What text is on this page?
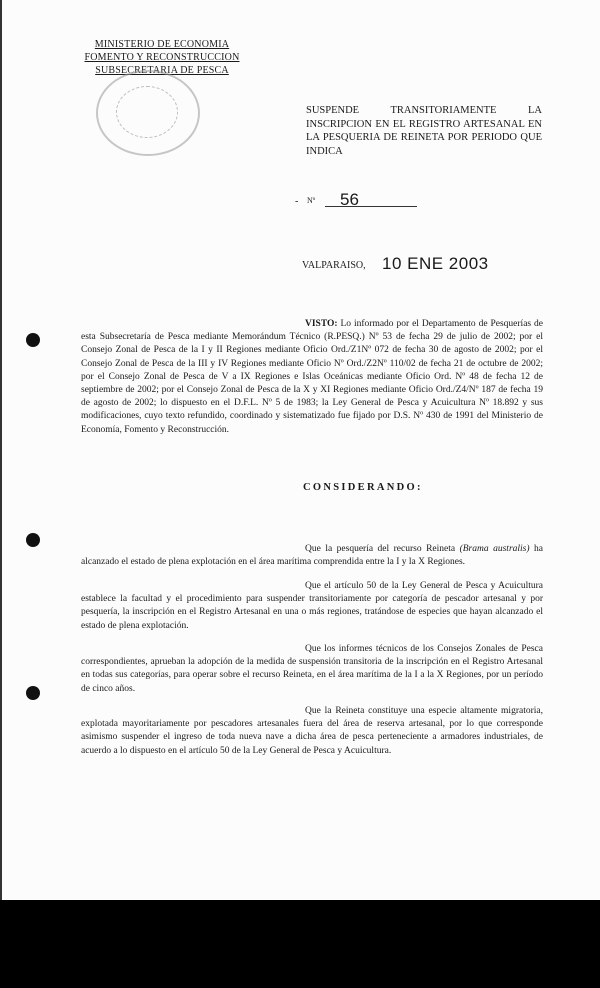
MINISTERIO DE ECONOMIA
FOMENTO Y RECONSTRUCCION
SUBSECRETARIA DE PESCA
SUSPENDE TRANSITORIAMENTE LA INSCRIPCION EN EL REGISTRO ARTESANAL EN LA PESQUERIA DE REINETA POR PERIODO QUE INDICA
- Nº 56
VALPARAISO, 10 ENE 2003
VISTO: Lo informado por el Departamento de Pesquerías de esta Subsecretaría de Pesca mediante Memorándum Técnico (R.PESQ.) Nº 53 de fecha 29 de julio de 2002; por el Consejo Zonal de Pesca de la I y II Regiones mediante Oficio Ord./Z1Nº 072 de fecha 30 de agosto de 2002; por el Consejo Zonal de Pesca de la III y IV Regiones mediante Oficio Nº Ord./Z2Nº 110/02 de fecha 21 de octubre de 2002; por el Consejo Zonal de Pesca de V a IX Regiones e Islas Oceánicas mediante Oficio Ord. Nº 48 de fecha 12 de septiembre de 2002; por el Consejo Zonal de Pesca de la X y XI Regiones mediante Oficio Ord./Z4/Nº 187 de fecha 19 de agosto de 2002; lo dispuesto en el D.F.L. Nº 5 de 1983; la Ley General de Pesca y Acuicultura Nº 18.892 y sus modificaciones, cuyo texto refundido, coordinado y sistematizado fue fijado por D.S. Nº 430 de 1991 del Ministerio de Economía, Fomento y Reconstrucción.
CONSIDERANDO:
Que la pesquería del recurso Reineta (Brama australis) ha alcanzado el estado de plena explotación en el área marítima comprendida entre la I y la X Regiones.
Que el artículo 50 de la Ley General de Pesca y Acuicultura establece la facultad y el procedimiento para suspender transitoriamente por categoría de pescador artesanal y por pesquería, la inscripción en el Registro Artesanal en una o más regiones, tratándose de especies que hayan alcanzado el estado de plena explotación.
Que los informes técnicos de los Consejos Zonales de Pesca correspondientes, aprueban la adopción de la medida de suspensión transitoria de la inscripción en el Registro Artesanal en todas sus categorías, para operar sobre el recurso Reineta, en el área marítima de la I a la X Regiones, por un período de cinco años.
Que la Reineta constituye una especie altamente migratoria, explotada mayoritariamente por pescadores artesanales fuera del área de reserva artesanal, por lo que corresponde asimismo suspender el ingreso de toda nueva nave a dicha área de pesca perteneciente a armadores industriales, de acuerdo a lo dispuesto en el artículo 50 de la Ley General de Pesca y Acuicultura.
